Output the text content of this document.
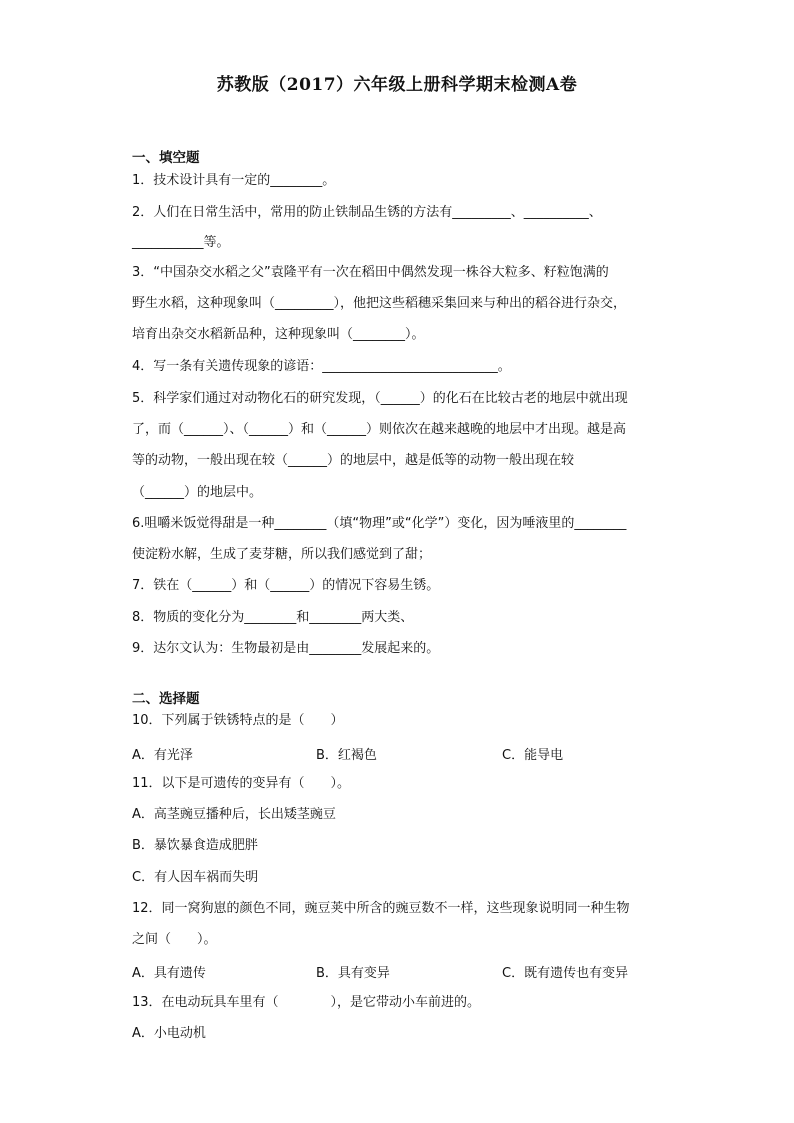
苏教版（2017）六年级上册科学期末检测A卷
一、填空题
1．技术设计具有一定的________。
2．人们在日常生活中，常用的防止铁制品生锈的方法有_________、__________、
___________等。
3．“中国杂交水稻之父”袁隆平有一次在稻田中偶然发现一株谷大粒多、籽粒饱满的
野生水稻，这种现象叫（_________），他把这些稻穗采集回来与种出的稻谷进行杂交，
培育出杂交水稻新品种，这种现象叫（________）。
4．写一条有关遗传现象的谚语：___________________________。
5．科学家们通过对动物化石的研究发现，（______）的化石在比较古老的地层中就出现
了，而（______）、（______）和（______）则依次在越来越晚的地层中才出现。越是高
等的动物，一般出现在较（______）的地层中，越是低等的动物一般出现在较
（______）的地层中。
6.咀嚼米饭觉得甜是一种________（填“物理”或“化学”）变化，因为唾液里的________
使淀粉水解，生成了麦芽糖，所以我们感觉到了甜；
7．铁在（______）和（______）的情况下容易生锈。
8．物质的变化分为________和________两大类、
9．达尔文认为：生物最初是由________发展起来的。
二、选择题
10．下列属于铁锈特点的是（　　）
A．有光泽	B．红褐色	C．能导电
11．以下是可遗传的变异有（　　）。
A．高茎豌豆播种后，长出矮茎豌豆
B．暴饮暴食造成肥胖
C．有人因车祸而失明
12．同一窝狗崽的颜色不同，豌豆荚中所含的豌豆数不一样，这些现象说明同一种生物
之间（　　）。
A．具有遗传	B．具有变异	C．既有遗传也有变异
13．在电动玩具车里有（　　　　），是它带动小车前进的。
A．小电动机
